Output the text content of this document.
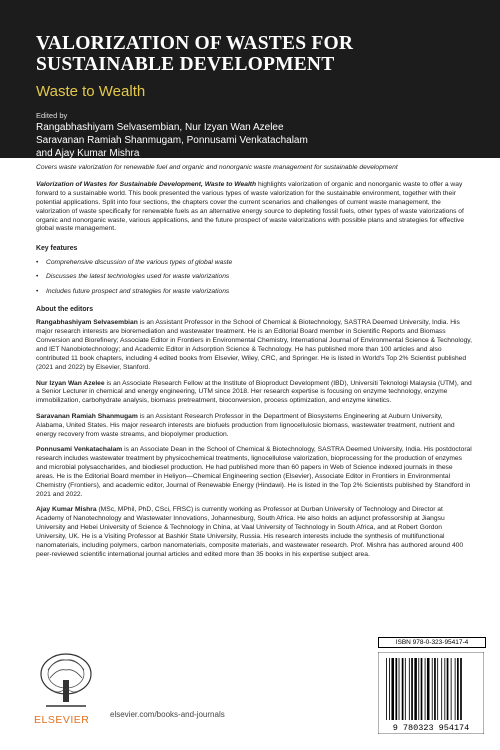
VALORIZATION OF WASTES FOR
SUSTAINABLE DEVELOPMENT
Waste to Wealth
Edited by
Rangabhashiyam Selvasembian, Nur Izyan Wan Azelee
Saravanan Ramiah Shanmugam, Ponnusami Venkatachalam
and Ajay Kumar Mishra

Covers waste valorization for renewable fuel and organic and nonorganic waste management for sustainable development

Valorization of Wastes for Sustainable Development, Waste to Wealth highlights valorization of organic and nonorganic waste to offer a way forward to a sustainable world. This book presented the various types of waste valorization for the sustainable environment, together with their potential applications. Split into four sections, the chapters cover the current scenarios and challenges of current waste management, the valorization of waste specifically for renewable fuels as an alternative energy source to depleting fossil fuels, other types of waste valorizations of organic and nonorganic waste, various applications, and the future prospect of waste valorizations with possible plans and strategies for effective global waste management.

Key features
• Comprehensive discussion of the various types of global waste
• Discusses the latest technologies used for waste valorizations
• Includes future prospect and strategies for waste valorizations
About the editors

Rangabhashiyam Selvasembian is an Assistant Professor in the School of Chemical & Biotechnology, SASTRA Deemed University, India. His major research interests are bioremediation and wastewater treatment. He is an Editorial Board member in Scientific Reports and Biomass Conversion and Biorefinery; Associate Editor in Frontiers in Environmental Chemistry, International Journal of Environmental Science & Technology, and IET Nanobiotechnology; and Academic Editor in Adsorption Science & Technology. He has published more than 100 articles and also contributed 11 book chapters, including 4 edited books from Elsevier, Wiley, CRC, and Springer. He is listed in World's Top 2% Scientist published (2021 and 2022) by Elsevier, Stanford.

Nur Izyan Wan Azelee is an Associate Research Fellow at the Institute of Bioproduct Development (IBD), Universiti Teknologi Malaysia (UTM), and a Senior Lecturer in chemical and energy engineering, UTM since 2018. Her research expertise is focusing on enzyme technology, enzyme immobilization, carbohydrate analysis, biomass pretreatment, bioconversion, process optimization, and enzyme kinetics.

Saravanan Ramiah Shanmugam is an Assistant Research Professor in the Department of Biosystems Engineering at Auburn University, Alabama, United States. His major research interests are biofuels production from lignocellulosic biomass, wastewater treatment, nutrient and energy recovery from waste streams, and biopolymer production.

Ponnusami Venkatachalam is an Associate Dean in the School of Chemical & Biotechnology, SASTRA Deemed University, India. His postdoctoral research includes wastewater treatment by physicochemical treatments, lignocellulose valorization, bioprocessing for the production of enzymes and microbial polysaccharides, and biodiesel production. He had published more than 60 papers in Web of Science indexed journals in these areas. He is the Editorial Board member in Heliyon—Chemical Engineering section (Elsevier), Associate Editor in Frontiers in Environmental Chemistry (Frontiers), and academic editor, Journal of Renewable Energy (Hindawi). He is listed in the Top 2% Scientists published by Standford in 2021 and 2022.

Ajay Kumar Mishra (MSc, MPhil, PhD, CSci, FRSC) is currently working as Professor at Durban University of Technology and Director at Academy of Nanotechnology and Wastewater Innovations, Johannesburg, South Africa. He also holds an adjunct professorship at Jiangsu University and Hebei University of Science & Technology in China, at Vaal University of Technology in South Africa, and at Robert Gordon University, UK. He is a Visiting Professor at Bashkir State University, Russia. His research interests include the synthesis of multifunctional nanomaterials, including polymers, carbon nanomaterials, composite materials, and wastewater research. Prof. Mishra has authored around 400 peer-reviewed scientific international journal articles and edited more than 35 books in his expertise subject area.

ELSEVIER	elsevier.com/books-and-journals
ISBN 978-0-323-95417-4
9 780323 954174
